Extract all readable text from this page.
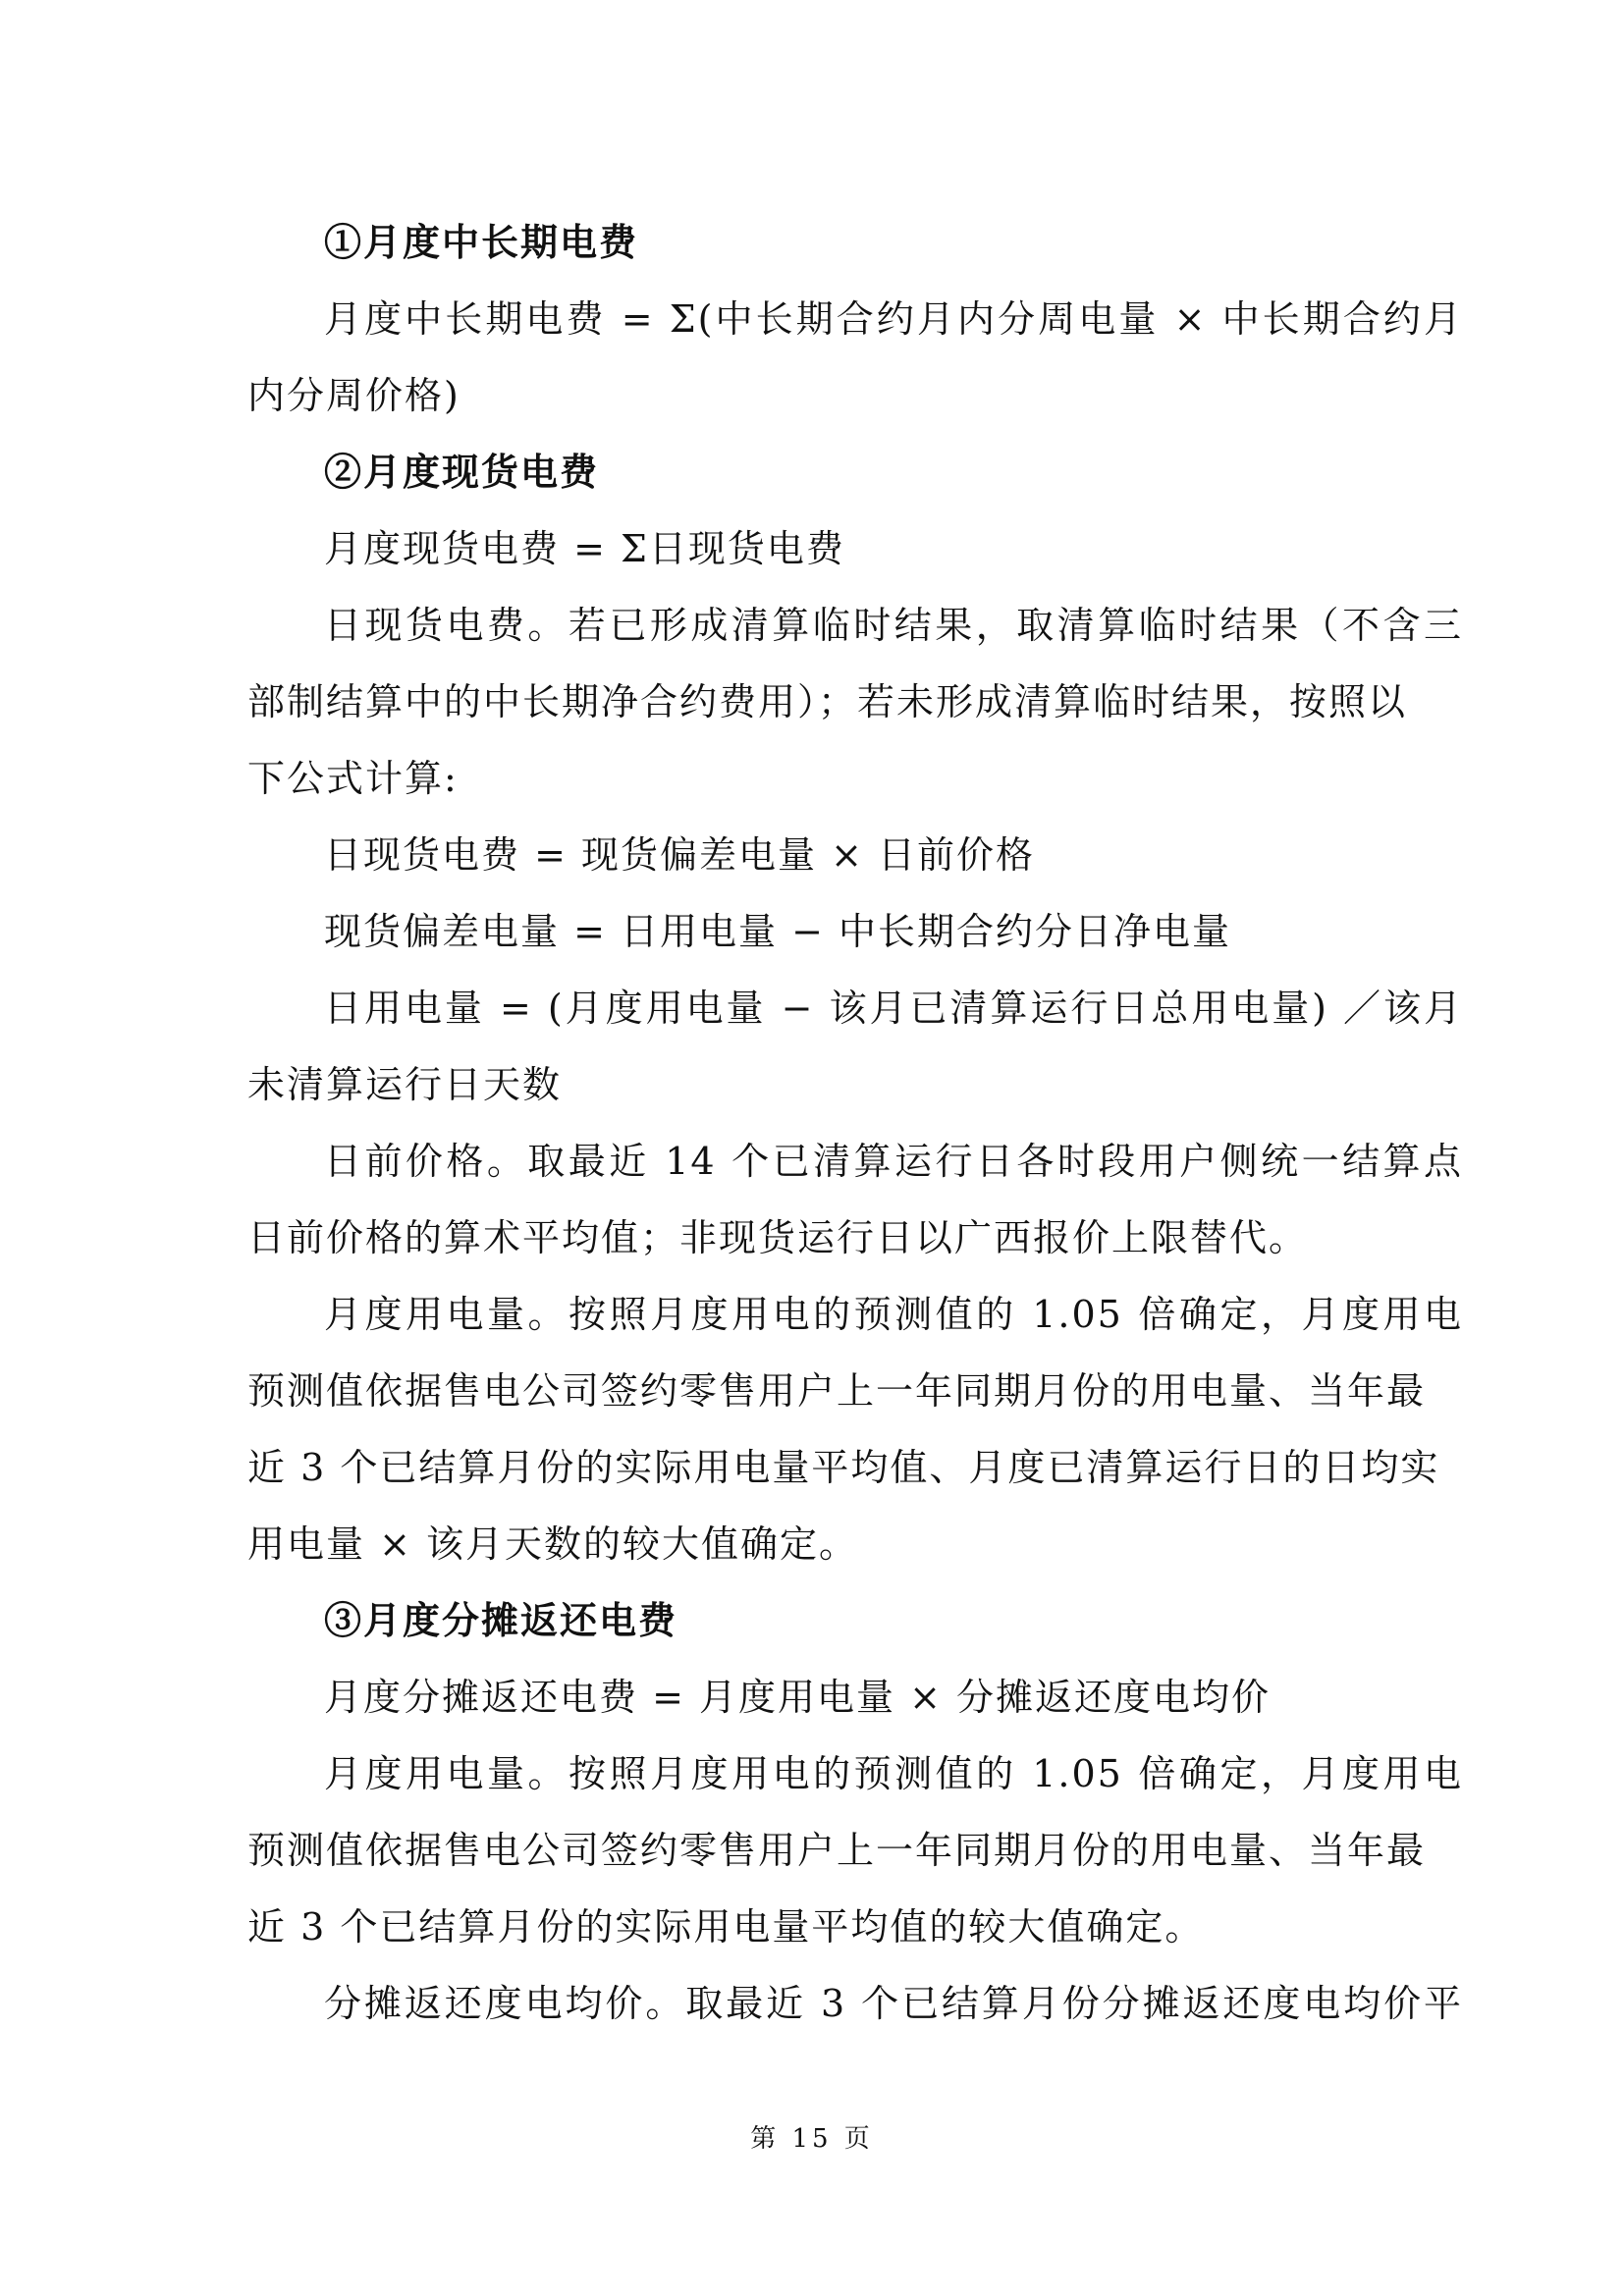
①月度中长期电费
月度中长期电费 = Σ(中长期合约月内分周电量 × 中长期合约月
内分周价格)
②月度现货电费
月度现货电费 = Σ日现货电费
日现货电费。若已形成清算临时结果，取清算临时结果（不含三
部制结算中的中长期净合约费用）；若未形成清算临时结果，按照以
下公式计算:
日现货电费 = 现货偏差电量 × 日前价格
现货偏差电量 = 日用电量 − 中长期合约分日净电量
日用电量 = (月度用电量 − 该月已清算运行日总用电量) ／该月
未清算运行日天数
日前价格。取最近 14 个已清算运行日各时段用户侧统一结算点
日前价格的算术平均值；非现货运行日以广西报价上限替代。
月度用电量。按照月度用电的预测值的 1.05 倍确定，月度用电
预测值依据售电公司签约零售用户上一年同期月份的用电量、当年最
近 3 个已结算月份的实际用电量平均值、月度已清算运行日的日均实
用电量 × 该月天数的较大值确定。
③月度分摊返还电费
月度分摊返还电费 = 月度用电量 × 分摊返还度电均价
月度用电量。按照月度用电的预测值的 1.05 倍确定，月度用电
预测值依据售电公司签约零售用户上一年同期月份的用电量、当年最
近 3 个已结算月份的实际用电量平均值的较大值确定。
分摊返还度电均价。取最近 3 个已结算月份分摊返还度电均价平
第 15 页
